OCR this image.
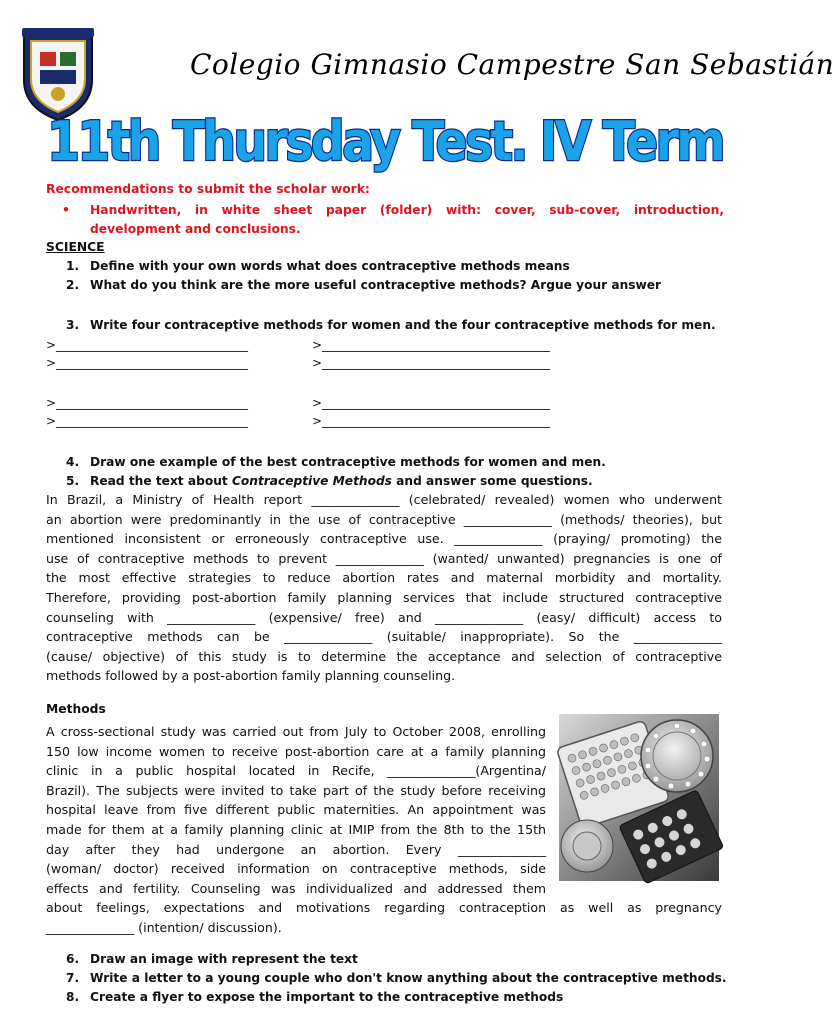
Colegio Gimnasio Campestre San Sebastián
11th Thursday Test. IV Term
Recommendations to submit the scholar work:
• Handwritten, in white sheet paper (folder) with: cover, sub-cover, introduction, development and conclusions.
SCIENCE
1. Define with your own words what does contraceptive methods means
2. What do you think are the more useful contraceptive methods? Argue your answer
3. Write four contraceptive methods for women and the four contraceptive methods for men.
>________________________________	>______________________________________
>________________________________	>______________________________________
>________________________________	>______________________________________
>________________________________	>______________________________________
4. Draw one example of the best contraceptive methods for women and men.
5. Read the text about Contraceptive Methods and answer some questions.
In Brazil, a Ministry of Health report ______________ (celebrated/ revealed) women who underwent
an abortion were predominantly in the use of contraceptive ______________ (methods/ theories), but
mentioned inconsistent or erroneously contraceptive use. ______________ (praying/ promoting) the
use of contraceptive methods to prevent ______________ (wanted/ unwanted) pregnancies is one of
the most effective strategies to reduce abortion rates and maternal morbidity and mortality.
Therefore, providing post-abortion family planning services that include structured contraceptive
counseling with ______________ (expensive/ free) and ______________ (easy/ difficult) access to
contraceptive methods can be ______________ (suitable/ inappropriate). So the ______________
(cause/ objective) of this study is to determine the acceptance and selection of contraceptive
methods followed by a post-abortion family planning counseling.
Methods
A cross-sectional study was carried out from July to October 2008, enrolling
150 low income women to receive post-abortion care at a family planning
clinic in a public hospital located in Recife, ______________(Argentina/
Brazil). The subjects were invited to take part of the study before receiving
hospital leave from five different public maternities. An appointment was
made for them at a family planning clinic at IMIP from the 8th to the 15th
day after they had undergone an abortion. Every ______________
(woman/ doctor) received information on contraceptive methods, side
effects and fertility. Counseling was individualized and addressed them
about feelings, expectations and motivations regarding contraception as well as pregnancy
______________ (intention/ discussion).
6. Draw an image with represent the text
7. Write a letter to a young couple who don't know anything about the contraceptive methods.
8. Create a flyer to expose the important to the contraceptive methods
